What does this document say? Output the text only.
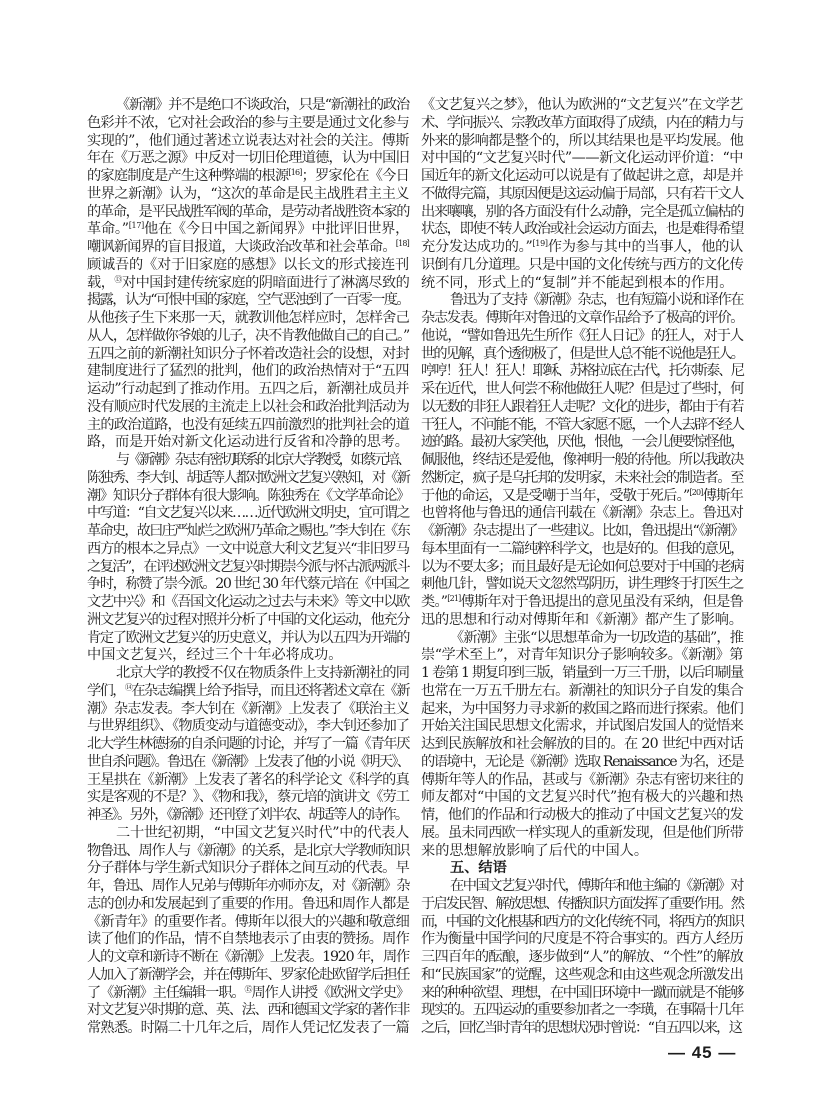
《新潮》并不是绝口不谈政治，只是“新潮社的政治
色彩并不浓，它对社会政治的参与主要是通过文化参与
实现的”，他们通过著述立说表达对社会的关注。傅斯
年在《万恶之源》中反对一切旧伦理道德，认为中国旧
的家庭制度是产生这种弊端的根源[16]；罗家伦在《今日
世界之新潮》认为，“这次的革命是民主战胜君主主义
的革命，是平民战胜军阀的革命，是劳动者战胜资本家的
革命。”[17]他在《今日中国之新闻界》中批评旧世界，
嘲讽新闻界的盲目报道，大谈政治改革和社会革命。[18]
顾诚吾的《对于旧家庭的感想》以长文的形式接连刊
载，⑬对中国封建传统家庭的阴暗面进行了淋漓尽致的
揭露，认为“可恨中国的家庭，空气恶浊到了一百零一度。
从他孩子生下来那一天，就教训他怎样应时，怎样舍己
从人，怎样做你爷娘的儿子，决不肯教他做自己的自己。”
五四之前的新潮社知识分子怀着改造社会的设想，对封
建制度进行了猛烈的批判，他们的政治热情对于“五四
运动”行动起到了推动作用。五四之后，新潮社成员并
没有顺应时代发展的主流走上以社会和政治批判活动为
主的政治道路，也没有延续五四前激烈的批判社会的道
路，而是开始对新文化运动进行反省和冷静的思考。
与《新潮》杂志有密切联系的北京大学教授，如蔡元培、
陈独秀、李大钊、胡适等人都对欧洲文艺复兴熟知，对《新
潮》知识分子群体有很大影响。陈独秀在《文学革命论》
中写道：“自文艺复兴以来……近代欧洲文明史，宜可谓之
革命史，故曰庄严灿烂之欧洲乃革命之赐也。”李大钊在《东
西方的根本之异点》一文中说意大利文艺复兴“非旧罗马
之复活”，在评述欧洲文艺复兴时期崇今派与怀古派两派斗
争时，称赞了崇今派。20 世纪 30 年代蔡元培在《中国之
文艺中兴》和《吾国文化运动之过去与未来》等文中以欧
洲文艺复兴的过程对照并分析了中国的文化运动，他充分
肯定了欧洲文艺复兴的历史意义，并认为以五四为开端的
中国文艺复兴，经过三个十年必将成功。
北京大学的教授不仅在物质条件上支持新潮社的同
学们，⑭在杂志编撰上给予指导，而且还将著述文章在《新
潮》杂志发表。李大钊在《新潮》上发表了《联治主义
与世界组织》、《物质变动与道德变动》，李大钊还参加了
北大学生林德扬的自杀问题的讨论，并写了一篇《青年厌
世自杀问题》。鲁迅在《新潮》上发表了他的小说《明天》、
王星拱在《新潮》上发表了著名的科学论文《科学的真
实是客观的不是？》、《物和我》，蔡元培的演讲文《劳工
神圣》。另外，《新潮》还刊登了刘半农、胡适等人的诗作。
二十世纪初期，“中国文艺复兴时代”中的代表人
物鲁迅、周作人与《新潮》的关系，是北京大学教师知识
分子群体与学生新式知识分子群体之间互动的代表。早
年，鲁迅、周作人兄弟与傅斯年亦师亦友，对《新潮》杂
志的创办和发展起到了重要的作用。鲁迅和周作人都是
《新青年》的重要作者。傅斯年以很大的兴趣和敬意细
读了他们的作品，情不自禁地表示了由衷的赞扬。周作
人的文章和新诗不断在《新潮》上发表。1920 年，周作
人加入了新潮学会，并在傅斯年、罗家伦赴欧留学后担任
了《新潮》主任编辑一职。⑮周作人讲授《欧洲文学史》
对文艺复兴时期的意、英、法、西和德国文学家的著作非
常熟悉。时隔二十几年之后，周作人凭记忆发表了一篇
《文艺复兴之梦》，他认为欧洲的“文艺复兴”在文学艺
术、学问振兴、宗教改革方面取得了成绩，内在的精力与
外来的影响都是整个的，所以其结果也是平均发展。他
对中国的“文艺复兴时代”——新文化运动评价道：“中
国近年的新文化运动可以说是有了做起讲之意，却是并
不做得完篇，其原因便是这运动偏于局部，只有若干文人
出来嚷嚷，别的各方面没有什么动静，完全是孤立偏枯的
状态，即使不转人政治或社会运动方面去，也是难得希望
充分发达成功的。”[19]作为参与其中的当事人，他的认
识倒有几分道理。只是中国的文化传统与西方的文化传
统不同，形式上的“复制”并不能起到根本的作用。
鲁迅为了支持《新潮》杂志，也有短篇小说和译作在
杂志发表。傅斯年对鲁迅的文章作品给予了极高的评价。
他说，“譬如鲁迅先生所作《狂人日记》的狂人，对于人
世的见解，真个透彻极了，但是世人总不能不说他是狂人。
哼哼！狂人！狂人！耶稣、苏格拉底在古代，托尔斯泰、尼
采在近代，世人何尝不称他做狂人呢？但是过了些时，何
以无数的非狂人跟着狂人走呢？文化的进步，都由于有若
干狂人，不问能不能，不管大家愿不愿，一个人去辟不经人
迹的路。最初大家笑他，厌他，恨他，一会儿便要惊怪他，
佩服他，终结还是爱他，像神明一般的待他。所以我敢决
然断定，疯子是乌托邦的发明家，未来社会的制造者。至
于他的命运，又是受嘲于当年，受敬于死后。”[20]傅斯年
也曾将他与鲁迅的通信刊载在《新潮》杂志上。鲁迅对
《新潮》杂志提出了一些建议。比如，鲁迅提出“《新潮》
每本里面有一二篇纯粹科学文，也是好的。但我的意见，
以为不要太多；而且最好是无论如何总要对于中国的老病
刺他几针，譬如说天文忽然骂阴历，讲生理终于打医生之
类。”[21]傅斯年对于鲁迅提出的意见虽没有采纳，但是鲁
迅的思想和行动对傅斯年和《新潮》都产生了影响。
《新潮》主张“以思想革命为一切改造的基础”，推
崇“学术至上”，对青年知识分子影响较多。《新潮》第
1 卷第 1 期复印到三版，销量到一万三千册，以后印刷量
也常在一万五千册左右。新潮社的知识分子自发的集合
起来，为中国努力寻求新的救国之路而进行探索。他们
开始关注国民思想文化需求，并试图启发国人的觉悟来
达到民族解放和社会解放的目的。在 20 世纪中西对话
的语境中，无论是《新潮》选取 Renaissance 为名，还是
傅斯年等人的作品，甚或与《新潮》杂志有密切来往的
师友都对“中国的文艺复兴时代”抱有极大的兴趣和热
情，他们的作品和行动极大的推动了中国文艺复兴的发
展。虽未同西欧一样实现人的重新发现，但是他们所带
来的思想解放影响了后代的中国人。
五、结语
在中国文艺复兴时代，傅斯年和他主编的《新潮》对
于启发民智、解放思想、传播知识方面发挥了重要作用。然
而，中国的文化根基和西方的文化传统不同，将西方的知识
作为衡量中国学问的尺度是不符合事实的。西方人经历
三四百年的酝酿，逐步做到“人”的解放、“个性”的解放
和“民族国家”的觉醒，这些观念和由这些观念所激发出
来的种种欲望、理想，在中国旧环境中一蹴而就是不能够
现实的。五四运动的重要参加者之一李璜，在事隔十几年
之后，回忆当时青年的思想状况时曾说：“自五四以来，这
— 45 —
